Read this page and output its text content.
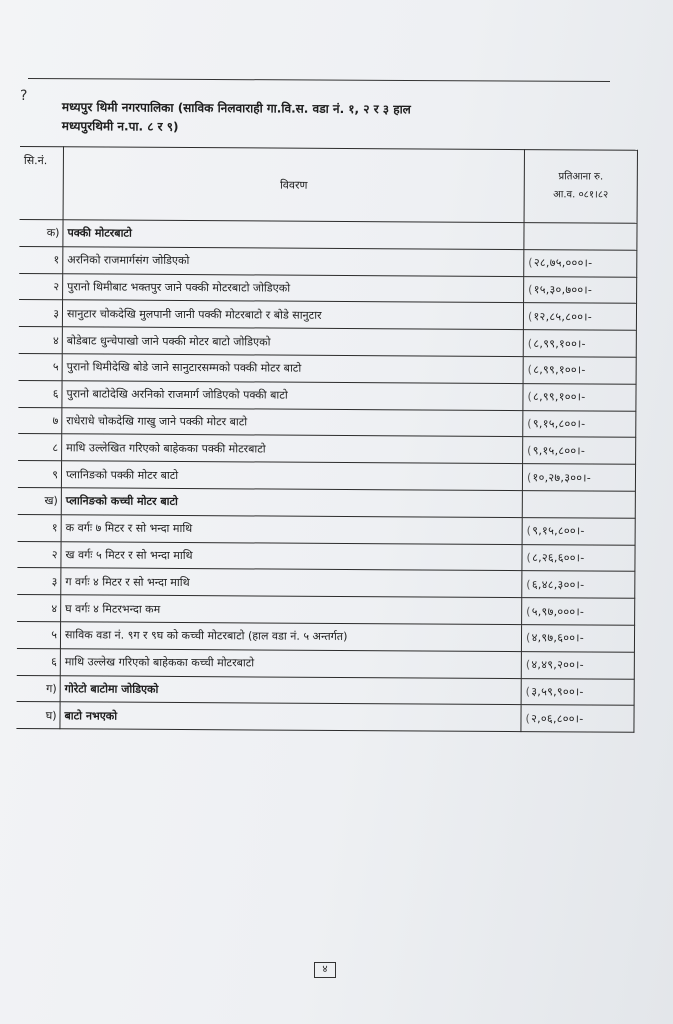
?
मध्यपुर थिमी नगरपालिका (साविक निलवाराही गा.वि.स. वडा नं. १, २ र ३ हाल
मध्यपुरथिमी न.पा. ८ र ९)
सि.नं.	विवरण	प्रतिआना रु.
आ.व. ०८१।८२

क)	पक्की मोटरबाटो	
१	अरनिको राजमार्गसंग जोडिएको	( २८,७५,०००।-
२	पुरानो थिमीबाट भक्तपुर जाने पक्की मोटरबाटो जोडिएको	( १५,३०,७००।-
३	सानुटार चोकदेखि मुलपानी जानी पक्की मोटरबाटो र बोडे सानुटार	( १२,८५,८००।-
४	बोडेबाट धुन्चेपाखो जाने पक्की मोटर बाटो जोडिएको	( ८,९९,१००।-
५	पुरानो थिमीदेखि बोडे जाने सानुटारसम्मको पक्की मोटर बाटो	( ८,९९,१००।-
६	पुरानो बाटोदेखि अरनिको राजमार्ग जोडिएको पक्की बाटो	( ८,९९,१००।-
७	राधेराधे चोकदेखि गाखु जाने पक्की मोटर बाटो	( ९,१५,८००।-
८	माथि उल्लेखित गरिएको बाहेकका पक्की मोटरबाटो	( ९,१५,८००।-
९	प्लानिङको पक्की मोटर बाटो	( १०,२७,३००।-
ख)	प्लानिङको कच्ची मोटर बाटो	
१	क वर्गः ७ मिटर र सो भन्दा माथि	( ९,१५,८००।-
२	ख वर्गः ५ मिटर र सो भन्दा माथि	( ८,२६,६००।-
३	ग वर्गः ४ मिटर र सो भन्दा माथि	( ६,४८,३००।-
४	घ वर्गः ४ मिटरभन्दा कम	( ५,९७,०००।-
५	साविक वडा नं. ९ग र ९घ को कच्ची मोटरबाटो (हाल वडा नं. ५ अन्तर्गत)	( ४,९७,६००।-
६	माथि उल्लेख गरिएको बाहेकका कच्ची मोटरबाटो	( ४,४९,२००।-
ग)	गोरेटो बाटोमा जोडिएको	( ३,५९,९००।-
घ)	बाटो नभएको	( २,०६,८००।-
४
